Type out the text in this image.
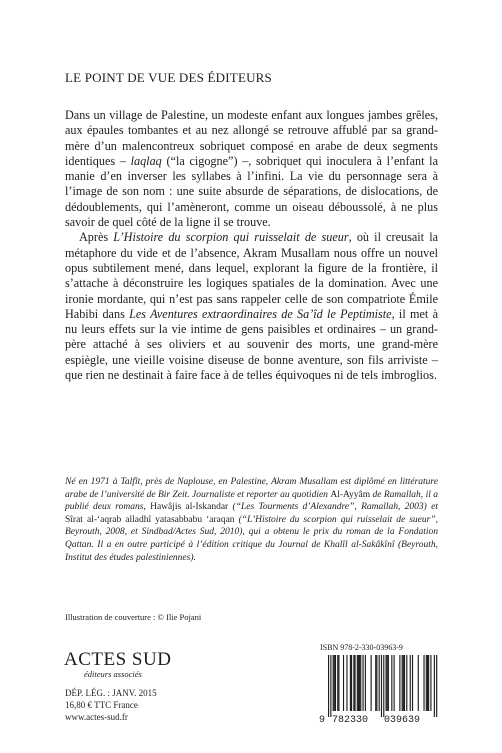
LE POINT DE VUE DES ÉDITEURS

Dans un village de Palestine, un modeste enfant aux longues jambes grêles, aux épaules tombantes et au nez allongé se retrouve affublé par sa grand-mère d’un malencontreux sobriquet composé en arabe de deux segments identiques – laqlaq (“la cigogne”) –, sobriquet qui inoculera à l’enfant la manie d’en inverser les syllabes à l’infini. La vie du personnage sera à l’image de son nom : une suite absurde de séparations, de dislocations, de dédoublements, qui l’amèneront, comme un oiseau déboussolé, à ne plus savoir de quel côté de la ligne il se trouve.

Après L’Histoire du scorpion qui ruisselait de sueur, où il creusait la métaphore du vide et de l’absence, Akram Musallam nous offre un nouvel opus subtilement mené, dans lequel, explorant la figure de la frontière, il s’attache à déconstruire les logiques spatiales de la domination. Avec une ironie mordante, qui n’est pas sans rappeler celle de son compatriote Émile Habibi dans Les Aventures extraordinaires de Sa’îd le Peptimiste, il met à nu leurs effets sur la vie intime de gens paisibles et ordinaires – un grand-père attaché à ses oliviers et au souvenir des morts, une grand-mère espiègle, une vieille voisine diseuse de bonne aventure, son fils arriviste – que rien ne destinait à faire face à de telles équivoques ni de tels imbroglios.

Né en 1971 à Talfît, près de Naplouse, en Palestine, Akram Musallam est diplômé en littérature arabe de l’université de Bir Zeit. Journaliste et reporter au quotidien Al-Ayyâm de Ramallah, il a publié deux romans, Hawâjis al-Iskandar (“Les Tourments d’Alexandre”, Ramallah, 2003) et Sîrat al-‘aqrab alladhî yatasabbabu ‘araqan (“L’Histoire du scorpion qui ruisselait de sueur”, Beyrouth, 2008, et Sindbad/Actes Sud, 2010), qui a obtenu le prix du roman de la Fondation Qattan. Il a en outre participé à l’édition critique du Journal de Khalîl al-Sakâkînî (Beyrouth, Institut des études palestiniennes).

Illustration de couverture : © Ilie Pojani
ACTES SUD
éditeurs associés
DÉP. LÉG. : JANV. 2015
16,80 € TTC France
www.actes-sud.fr
ISBN 978-2-330-03963-9
9 782330 039639
